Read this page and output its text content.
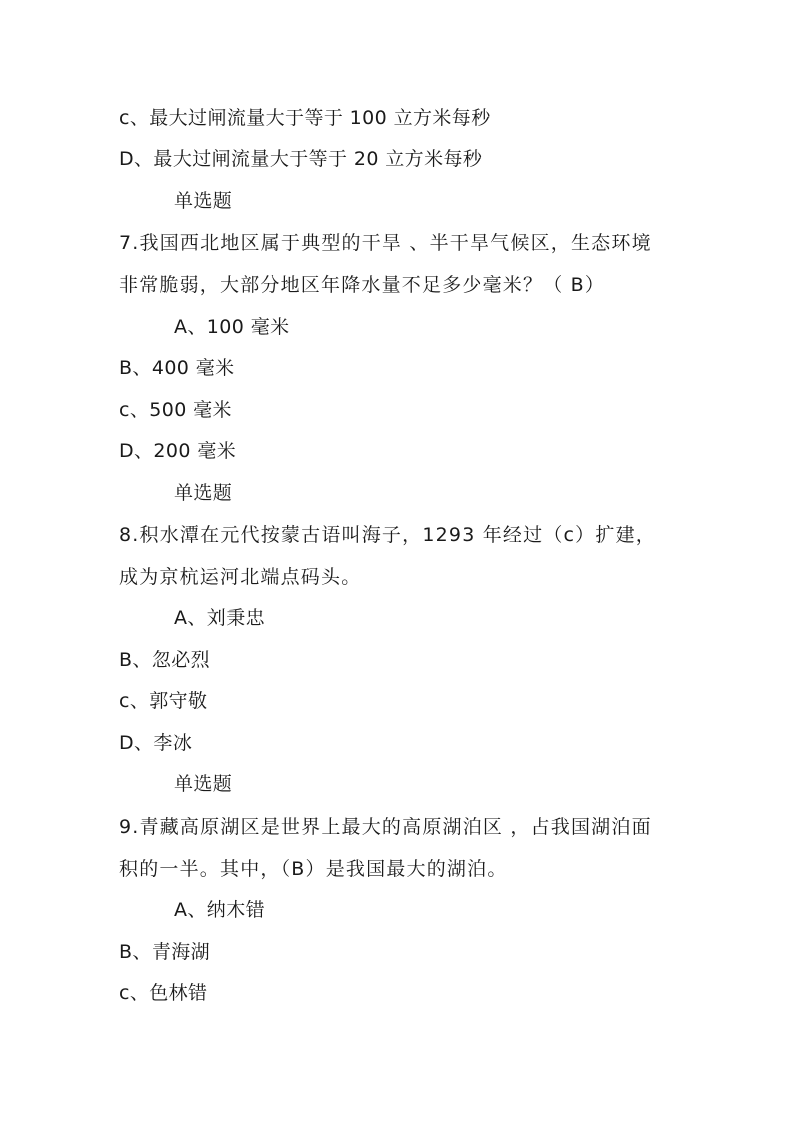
c、最大过闸流量大于等于 100 立方米每秒
D、最大过闸流量大于等于 20 立方米每秒
单选题
7.我国西北地区属于典型的干旱 、半干旱气候区，生态环境
非常脆弱，大部分地区年降水量不足多少毫米？（ B）
A、100 毫米
B、400 毫米
c、500 毫米
D、200 毫米
单选题
8.积水潭在元代按蒙古语叫海子，1293 年经过（c）扩建，
成为京杭运河北端点码头。
A、刘秉忠
B、忽必烈
c、郭守敬
D、李冰
单选题
9.青藏高原湖区是世界上最大的高原湖泊区 ，占我国湖泊面
积的一半。其中，（B）是我国最大的湖泊。
A、纳木错
B、青海湖
c、色林错
